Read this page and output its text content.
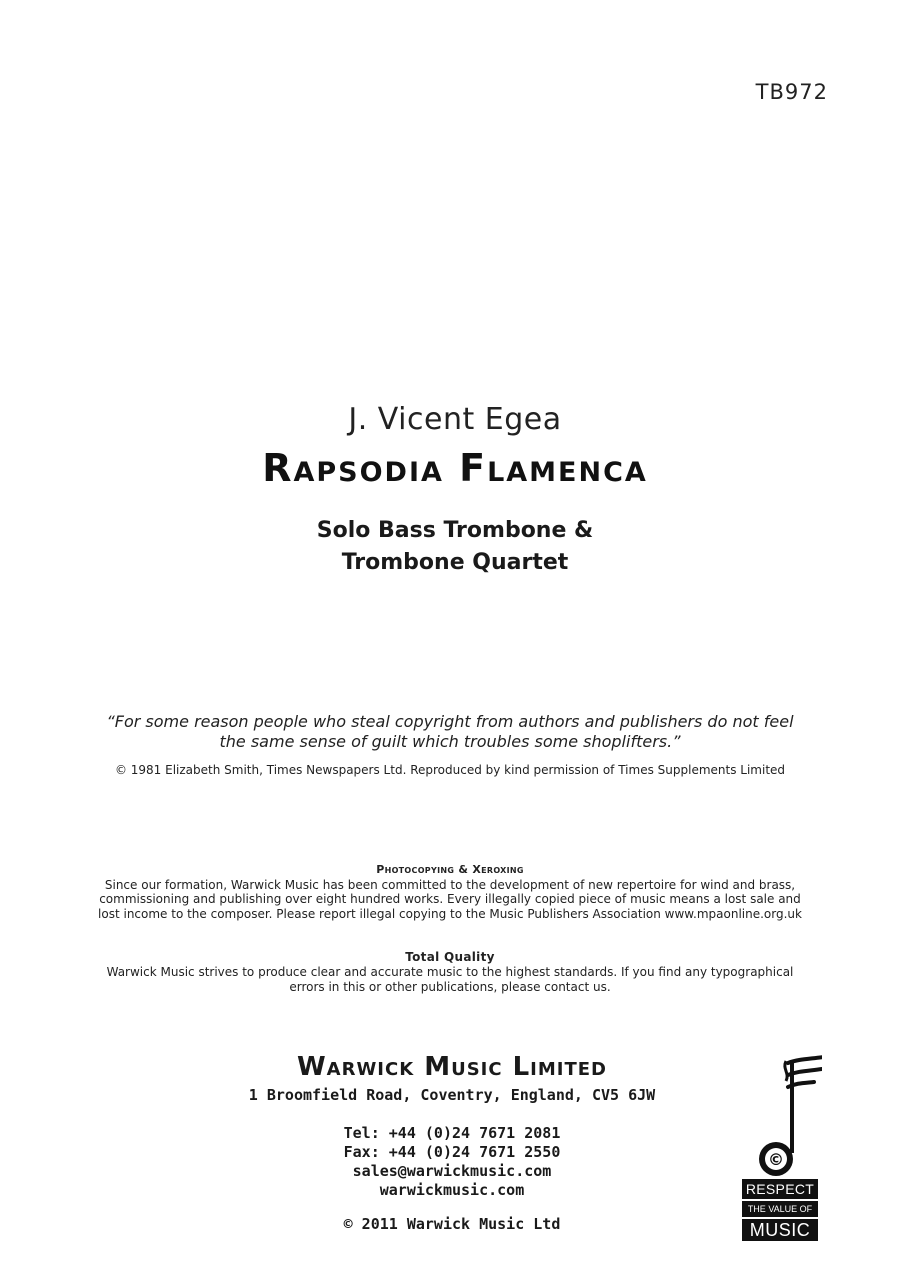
TB972
J. Vicent Egea
Rapsodia Flamenca
Solo Bass Trombone &
Trombone Quartet
“For some reason people who steal copyright from authors and publishers do not feel
the same sense of guilt which troubles some shoplifters.”
© 1981 Elizabeth Smith, Times Newspapers Ltd. Reproduced by kind permission of Times Supplements Limited
Photocopying & Xeroxing
Since our formation, Warwick Music has been committed to the development of new repertoire for wind and brass,
commissioning and publishing over eight hundred works. Every illegally copied piece of music means a lost sale and
lost income to the composer. Please report illegal copying to the Music Publishers Association www.mpaonline.org.uk
Total Quality
Warwick Music strives to produce clear and accurate music to the highest standards. If you find any typographical
errors in this or other publications, please contact us.
Warwick Music Limited
1 Broomfield Road, Coventry, England, CV5 6JW
Tel: +44 (0)24 7671 2081
Fax: +44 (0)24 7671 2550
sales@warwickmusic.com
warwickmusic.com
© 2011 Warwick Music Ltd
©
RESPECT
THE VALUE OF
MUSIC
